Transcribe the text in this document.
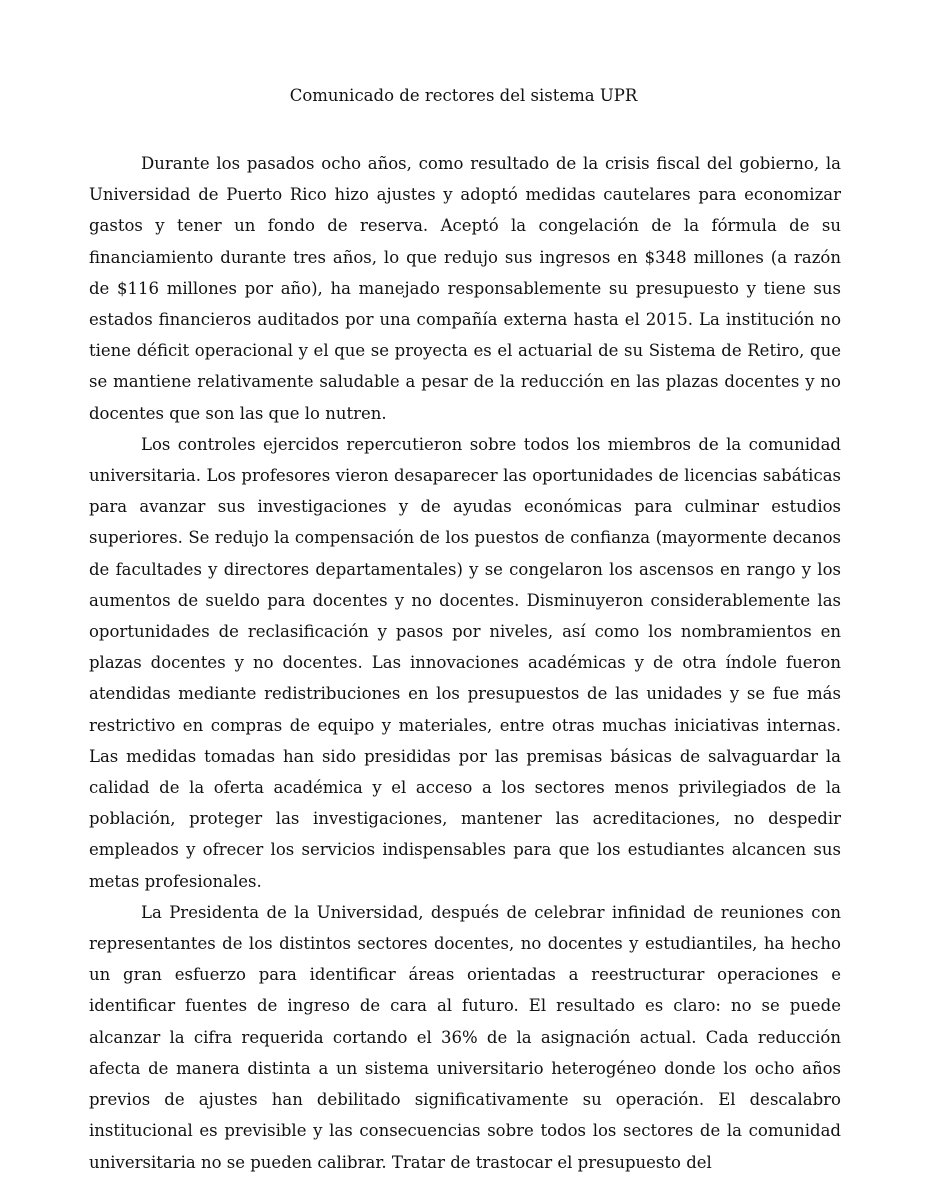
Comunicado de rectores del sistema UPR

Durante los pasados ocho años, como resultado de la crisis fiscal del gobierno, la Universidad de Puerto Rico hizo ajustes y adoptó medidas cautelares para economizar gastos y tener un fondo de reserva. Aceptó la congelación de la fórmula de su financiamiento durante tres años, lo que redujo sus ingresos en $348 millones (a razón de $116 millones por año), ha manejado responsablemente su presupuesto y tiene sus estados financieros auditados por una compañía externa hasta el 2015. La institución no tiene déficit operacional y el que se proyecta es el actuarial de su Sistema de Retiro, que se mantiene relativamente saludable a pesar de la reducción en las plazas docentes y no docentes que son las que lo nutren.

Los controles ejercidos repercutieron sobre todos los miembros de la comunidad universitaria. Los profesores vieron desaparecer las oportunidades de licencias sabáticas para avanzar sus investigaciones y de ayudas económicas para culminar estudios superiores. Se redujo la compensación de los puestos de confianza (mayormente decanos de facultades y directores departamentales) y se congelaron los ascensos en rango y los aumentos de sueldo para docentes y no docentes. Disminuyeron considerablemente las oportunidades de reclasificación y pasos por niveles, así como los nombramientos en plazas docentes y no docentes. Las innovaciones académicas y de otra índole fueron atendidas mediante redistribuciones en los presupuestos de las unidades y se fue más restrictivo en compras de equipo y materiales, entre otras muchas iniciativas internas. Las medidas tomadas han sido presididas por las premisas básicas de salvaguardar la calidad de la oferta académica y el acceso a los sectores menos privilegiados de la población, proteger las investigaciones, mantener las acreditaciones, no despedir empleados y ofrecer los servicios indispensables para que los estudiantes alcancen sus metas profesionales.

La Presidenta de la Universidad, después de celebrar infinidad de reuniones con representantes de los distintos sectores docentes, no docentes y estudiantiles, ha hecho un gran esfuerzo para identificar áreas orientadas a reestructurar operaciones e identificar fuentes de ingreso de cara al futuro. El resultado es claro: no se puede alcanzar la cifra requerida cortando el 36% de la asignación actual. Cada reducción afecta de manera distinta a un sistema universitario heterogéneo donde los ocho años previos de ajustes han debilitado significativamente su operación. El descalabro institucional es previsible y las consecuencias sobre todos los sectores de la comunidad universitaria no se pueden calibrar. Tratar de trastocar el presupuesto del
